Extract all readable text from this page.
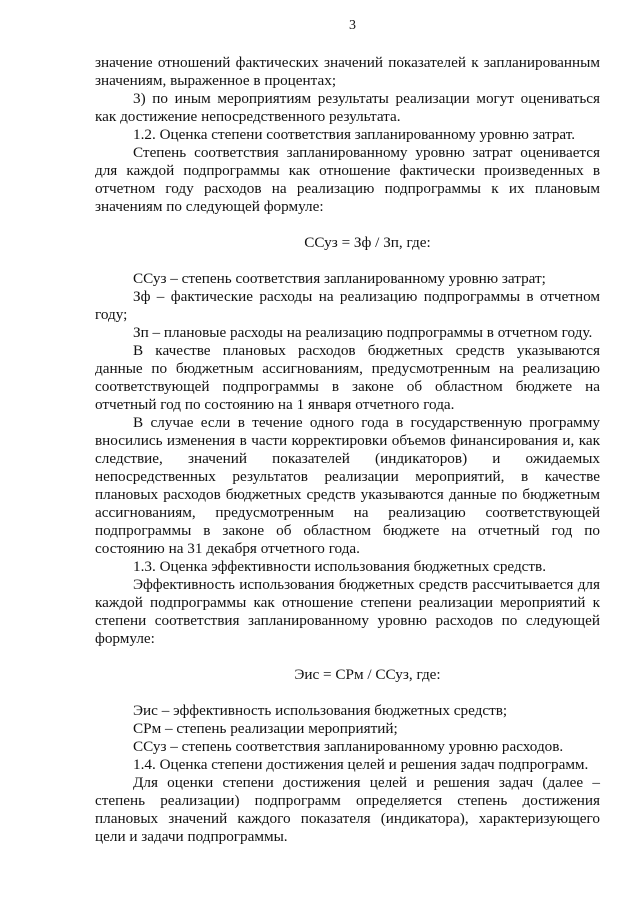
3

значение отношений фактических значений показателей к запланированным значениям, выраженное в процентах;

3) по иным мероприятиям результаты реализации могут оцениваться как достижение непосредственного результата.

1.2. Оценка степени соответствия запланированному уровню затрат.

Степень соответствия запланированному уровню затрат оценивается для каждой подпрограммы как отношение фактически произведенных в отчетном году расходов на реализацию подпрограммы к их плановым значениям по следующей формуле:

ССуз = Зф / Зп, где:

ССуз – степень соответствия запланированному уровню затрат;

Зф – фактические расходы на реализацию подпрограммы в отчетном году;

Зп – плановые расходы на реализацию подпрограммы в отчетном году.

В качестве плановых расходов бюджетных средств указываются данные по бюджетным ассигнованиям, предусмотренным на реализацию соответствующей подпрограммы в законе об областном бюджете на отчетный год по состоянию на 1 января отчетного года.

В случае если в течение одного года в государственную программу вносились изменения в части корректировки объемов финансирования и, как следствие, значений показателей (индикаторов) и ожидаемых непосредственных результатов реализации мероприятий, в качестве плановых расходов бюджетных средств указываются данные по бюджетным ассигнованиям, предусмотренным на реализацию соответствующей подпрограммы в законе об областном бюджете на отчетный год по состоянию на 31 декабря отчетного года.

1.3. Оценка эффективности использования бюджетных средств.

Эффективность использования бюджетных средств рассчитывается для каждой подпрограммы как отношение степени реализации мероприятий к степени соответствия запланированному уровню расходов по следующей формуле:

Эис = СРм / ССуз, где:

Эис – эффективность использования бюджетных средств;

СРм – степень реализации мероприятий;

ССуз – степень соответствия запланированному уровню расходов.

1.4. Оценка степени достижения целей и решения задач подпрограмм.

Для оценки степени достижения целей и решения задач (далее – степень реализации) подпрограмм определяется степень достижения плановых значений каждого показателя (индикатора), характеризующего цели и задачи подпрограммы.
